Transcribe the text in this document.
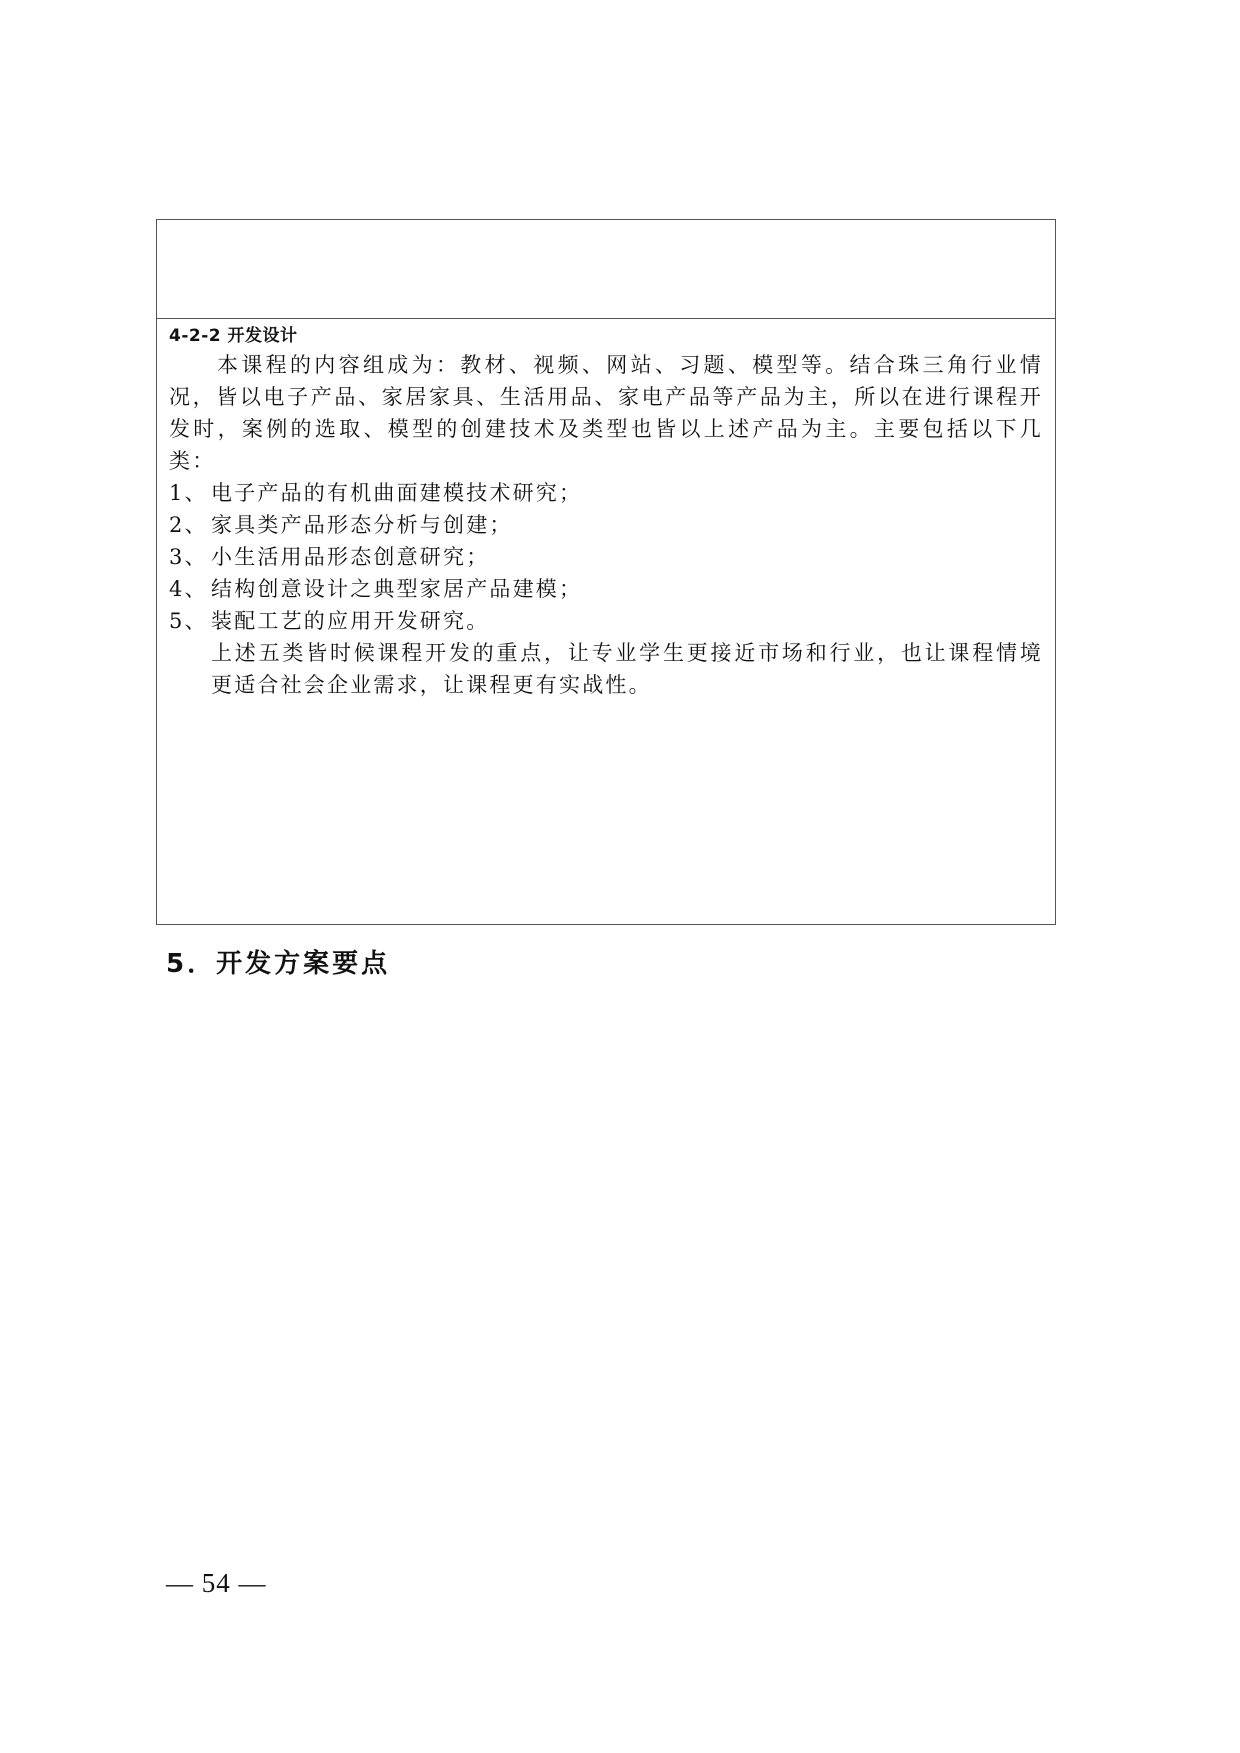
4-2-2 开发设计

本课程的内容组成为：教材、视频、网站、习题、模型等。结合珠三角行业情况，皆以电子产品、家居家具、生活用品、家电产品等产品为主，所以在进行课程开发时，案例的选取、模型的创建技术及类型也皆以上述产品为主。主要包括以下几类：

1、 电子产品的有机曲面建模技术研究；
2、 家具类产品形态分析与创建；
3、 小生活用品形态创意研究；
4、 结构创意设计之典型家居产品建模；
5、 装配工艺的应用开发研究。

上述五类皆时候课程开发的重点，让专业学生更接近市场和行业，也让课程情境更适合社会企业需求，让课程更有实战性。

5．开发方案要点
— 54 —
